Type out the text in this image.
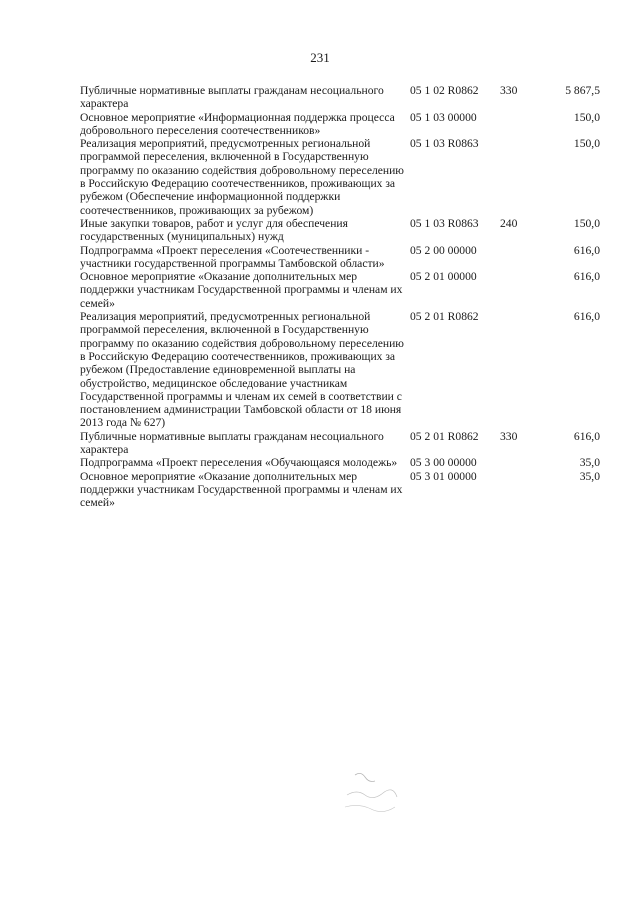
231
Публичные нормативные выплаты гражданам несоциального характера	05 1 02 R0862	330	5 867,5
Основное мероприятие «Информационная поддержка процесса добровольного переселения соотечественников»	05 1 03 00000		150,0
Реализация мероприятий, предусмотренных региональной программой переселения, включенной в Государственную программу по оказанию содействия добровольному переселению в Российскую Федерацию соотечественников, проживающих за рубежом (Обеспечение информационной поддержки соотечественников, проживающих за рубежом)	05 1 03 R0863		150,0
Иные закупки товаров, работ и услуг для обеспечения государственных (муниципальных) нужд	05 1 03 R0863	240	150,0
Подпрограмма «Проект переселения «Соотечественники - участники государственной программы Тамбовской области»	05 2 00 00000		616,0
Основное мероприятие «Оказание дополнительных мер поддержки участникам Государственной программы и членам их семей»	05 2 01 00000		616,0
Реализация мероприятий, предусмотренных региональной программой переселения, включенной в Государственную программу по оказанию содействия добровольному переселению в Российскую Федерацию соотечественников, проживающих за рубежом (Предоставление единовременной выплаты на обустройство, медицинское обследование участникам Государственной программы и членам их семей в соответствии с постановлением администрации Тамбовской области от 18 июня 2013 года № 627)	05 2 01 R0862		616,0
Публичные нормативные выплаты гражданам несоциального характера	05 2 01 R0862	330	616,0
Подпрограмма «Проект переселения «Обучающаяся молодежь»	05 3 00 00000		35,0
Основное мероприятие «Оказание дополнительных мер поддержки участникам Государственной программы и членам их семей»	05 3 01 00000		35,0
